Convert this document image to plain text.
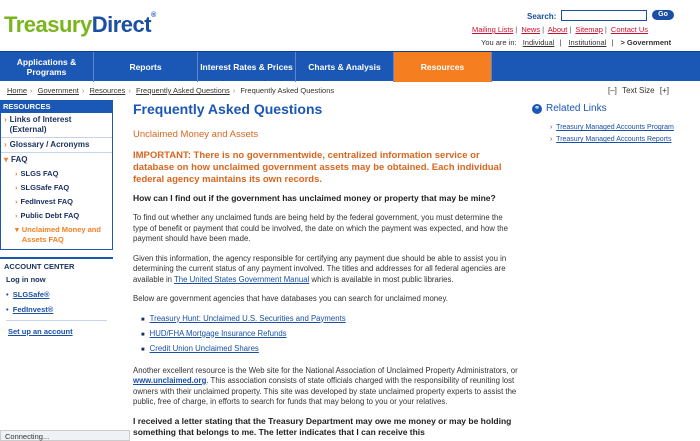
TreasuryDirect®	Search:	Go
Mailing Lists | News | About | Sitemap | Contact Us
You are in: Individual | Institutional | > Government
Applications & Programs	Reports	Interest Rates & Prices	Charts & Analysis	Resources
Home › Government › Resources › Frequently Asked Questions › Frequently Asked Questions	[–] Text Size [+]
RESOURCES
› Links of Interest (External)
› Glossary / Acronyms
▾ FAQ
› SLGS FAQ
› SLGSafe FAQ
› FedInvest FAQ
› Public Debt FAQ
▾ Unclaimed Money and Assets FAQ
ACCOUNT CENTER
Log in now
• SLGSafe®
• FedInvest®
Set up an account
Frequently Asked Questions
Unclaimed Money and Assets

IMPORTANT: There is no governmentwide, centralized information service or database on how unclaimed government assets may be obtained. Each individual federal agency maintains its own records.

How can I find out if the government has unclaimed money or property that may be mine?

To find out whether any unclaimed funds are being held by the federal government, you must determine the type of benefit or payment that could be involved, the date on which the payment was expected, and how the payment should have been made.

Given this information, the agency responsible for certifying any payment due should be able to assist you in determining the current status of any payment involved. The titles and addresses for all federal agencies are available in The United States Government Manual which is available in most public libraries.

Below are government agencies that have databases you can search for unclaimed money.

■ Treasury Hunt: Unclaimed U.S. Securities and Payments
■ HUD/FHA Mortgage Insurance Refunds
■ Credit Union Unclaimed Shares

Another excellent resource is the Web site for the National Association of Unclaimed Property Administrators, or www.unclaimed.org. This association consists of state officials charged with the responsibility of reuniting lost owners with their unclaimed property. This site was developed by state unclaimed property experts to assist the public, free of charge, in efforts to search for funds that may belong to you or your relatives.

I received a letter stating that the Treasury Department may owe me money or may be holding something that belongs to me. The letter indicates that I can receive this

⚭ Related Links
› Treasury Managed Accounts Program
› Treasury Managed Accounts Reports
Connecting...
